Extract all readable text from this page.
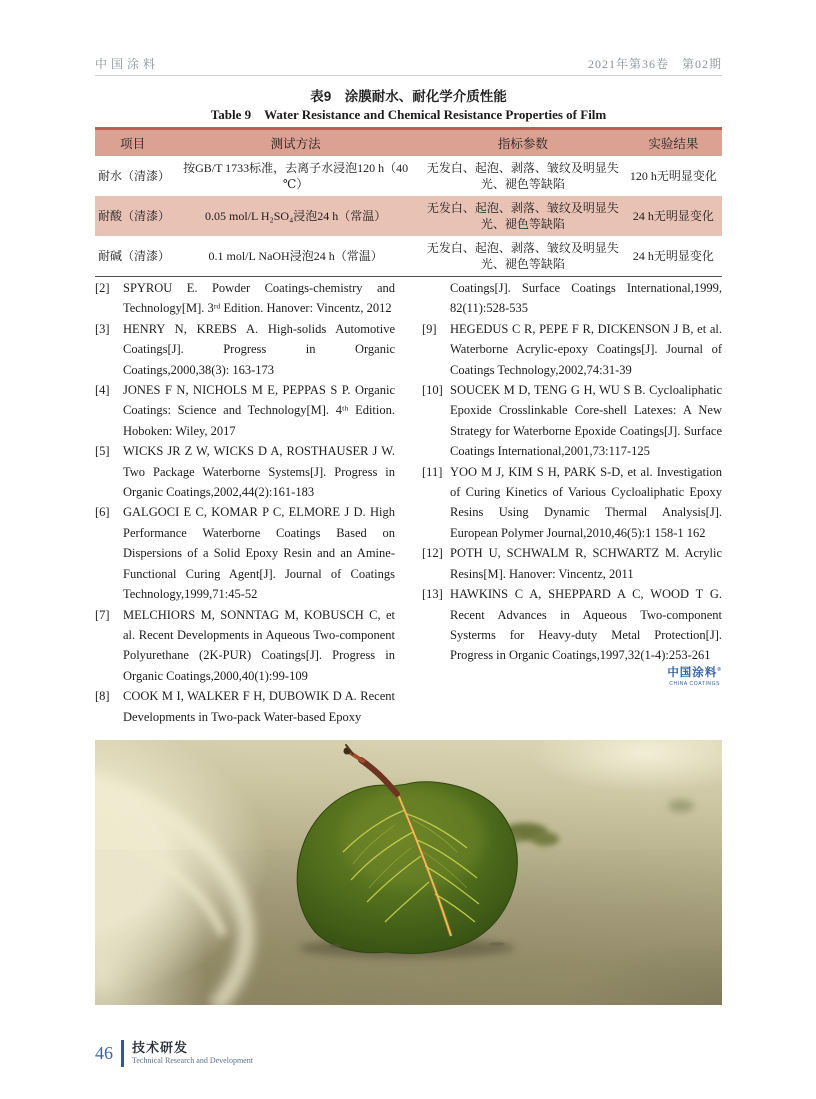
中国涂料	2021年第36卷　第02期
表9　涂膜耐水、耐化学介质性能
Table 9　Water Resistance and Chemical Resistance Properties of Film
项目	测试方法	指标参数	实验结果
耐水（清漆）	按GB/T 1733标准，去离子水浸泡120 h（40 ℃）	无发白、起泡、剥落、皱纹及明显失光、褪色等缺陷	120 h无明显变化
耐酸（清漆）	0.05 mol/L H₂SO₄浸泡24 h（常温）	无发白、起泡、剥落、皱纹及明显失光、褪色等缺陷	24 h无明显变化
耐碱（清漆）	0.1 mol/L NaOH浸泡24 h（常温）	无发白、起泡、剥落、皱纹及明显失光、褪色等缺陷	24 h无明显变化
[2]	SPYROU E. Powder Coatings-chemistry and Technology[M]. 3ʳᵈ Edition. Hanover: Vincentz, 2012
[3]	HENRY N, KREBS A. High-solids Automotive Coatings[J]. Progress in Organic Coatings,2000,38(3): 163-173
[4]	JONES F N, NICHOLS M E, PEPPAS S P. Organic Coatings: Science and Technology[M]. 4ᵗʰ Edition. Hoboken: Wiley, 2017
[5]	WICKS JR Z W, WICKS D A, ROSTHAUSER J W. Two Package Waterborne Systems[J]. Progress in Organic Coatings,2002,44(2):161-183
[6]	GALGOCI E C, KOMAR P C, ELMORE J D. High Performance Waterborne Coatings Based on Dispersions of a Solid Epoxy Resin and an Amine-Functional Curing Agent[J]. Journal of Coatings Technology,1999,71:45-52
[7]	MELCHIORS M, SONNTAG M, KOBUSCH C, et al. Recent Developments in Aqueous Two-component Polyurethane (2K-PUR) Coatings[J]. Progress in Organic Coatings,2000,40(1):99-109
[8]	COOK M I, WALKER F H, DUBOWIK D A. Recent Developments in Two-pack Water-based Epoxy
Coatings[J]. Surface Coatings International,1999, 82(11):528-535
[9]	HEGEDUS C R, PEPE F R, DICKENSON J B, et al. Waterborne Acrylic-epoxy Coatings[J]. Journal of Coatings Technology,2002,74:31-39
[10] SOUCEK M D, TENG G H, WU S B. Cycloaliphatic Epoxide Crosslinkable Core-shell Latexes: A New Strategy for Waterborne Epoxide Coatings[J]. Surface Coatings International,2001,73:117-125
[11] YOO M J, KIM S H, PARK S-D, et al. Investigation of Curing Kinetics of Various Cycloaliphatic Epoxy Resins Using Dynamic Thermal Analysis[J]. European Polymer Journal,2010,46(5):1 158-1 162
[12] POTH U, SCHWALM R, SCHWARTZ M. Acrylic Resins[M]. Hanover: Vincentz, 2011
[13] HAWKINS C A, SHEPPARD A C, WOOD T G. Recent Advances in Aqueous Two-component Systerms for Heavy-duty Metal Protection[J]. Progress in Organic Coatings,1997,32(1-4):253-261
中国涂料®
CHINA COATINGS
46 技术研发
Technical Research and Development
